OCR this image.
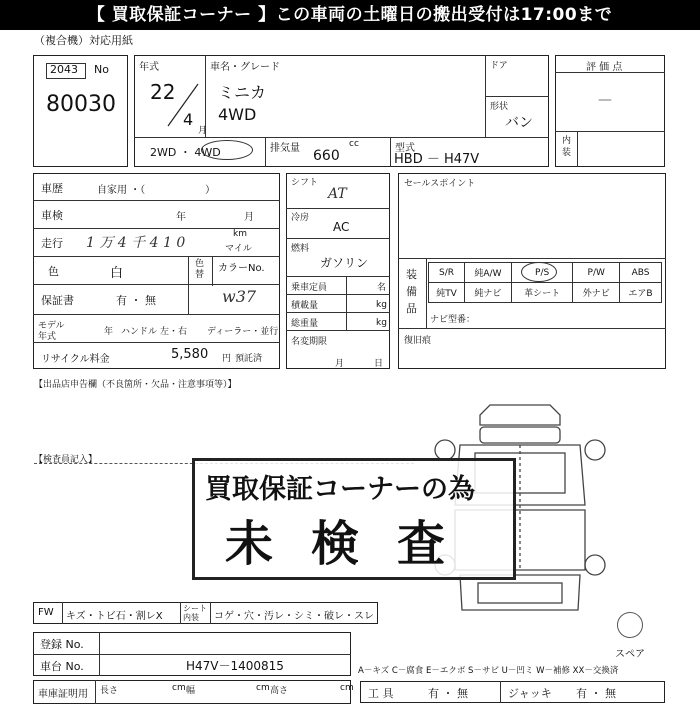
【 買取保証コーナー 】この車両の土曜日の搬出受付は17:00まで
（複合機）対応用紙
2043 No
80030
年式
22
4
月
車名・グレード
ミニカ
4WD
ドア
形状
バン
2WD ・ 4WD	排気量	cc
660	型式
HBD － H47V
評 価 点
—
内装
車歴	自家用 ・（　　　　　　）
車検	年	月
走行 1 万 4 千 4 1 0
km
マイル
色	白
色替
カラーNo.
w37
保証書	有 ・ 無
モデル
年式	年 ハンドル 左・右 ディーラー・並行
リサイクル料金	5,580 円 預託済
シフト
AT
冷房
AC
燃料
ガソリン
乗車定員	名
積載量	kg
総重量	kg
名変期限
月	日
セールスポイント
装備品
S/R	純A/W	P/S	P/W	ABS
純TV	純ナビ	革シート	外ナビ	エアB
ナビ型番：
復旧痕
【出品店申告欄（不良箇所・欠品・注意事項等）】
【検査員記入】
買取保証コーナーの為
未検査
FW キズ・トビ石・割レX
シート内装	コゲ・穴・汚レ・シミ・破レ・スレ
登録 No.
車台 No.	H47V－1400815
車庫証明用 長さ	cm 幅	cm 高さ	cm
スペア
A－キズ C－腐食 E－エクボ S－サビ U－凹ミ W－補修 XX－交換済
工 具	有 ・ 無	ジャッキ 有 ・ 無
